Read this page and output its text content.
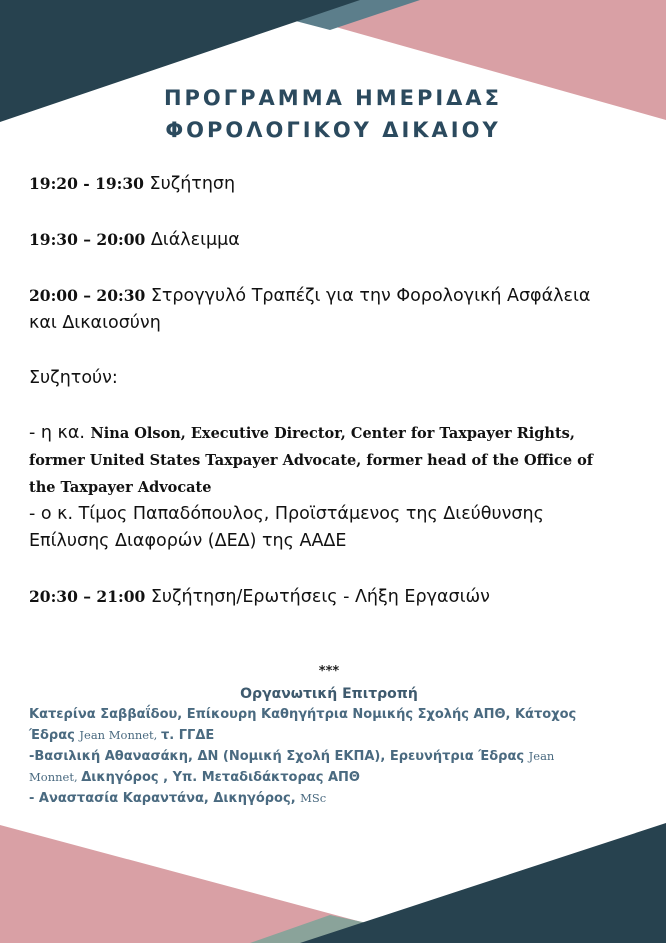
ΠΡΟΓΡΑΜΜΑ ΗΜΕΡΙΔΑΣ
ΦΟΡΟΛΟΓΙΚΟΥ ΔΙΚΑΙΟΥ

19:20 - 19:30 Συζήτηση

19:30 – 20:00 Διάλειμμα

20:00 – 20:30 Στρογγυλό Τραπέζι για την Φορολογική Ασφάλεια

και Δικαιοσύνη

Συζητούν:

- η κα. Nina Olson, Executive Director, Center for Taxpayer Rights,

former United States Taxpayer Advocate, former head of the Office of

the Taxpayer Advocate

- ο κ. Τίμος Παπαδόπουλος, Προϊστάμενος της Διεύθυνσης

Επίλυσης Διαφορών (ΔΕΔ) της ΑΑΔΕ

20:30 – 21:00 Συζήτηση/Ερωτήσεις - Λήξη Εργασιών

***
Οργανωτική Επιτροπή
Κατερίνα Σαββαΐδου, Επίκουρη Καθηγήτρια Νομικής Σχολής ΑΠΘ, Κάτοχος
Έδρας Jean Monnet, τ. ΓΓΔΕ
-Βασιλική Αθανασάκη, ΔΝ (Νομική Σχολή ΕΚΠΑ), Ερευνήτρια Έδρας Jean
Monnet, Δικηγόρος , Υπ. Μεταδιδάκτορας ΑΠΘ
- Αναστασία Καραντάνα, Δικηγόρος, MSc
